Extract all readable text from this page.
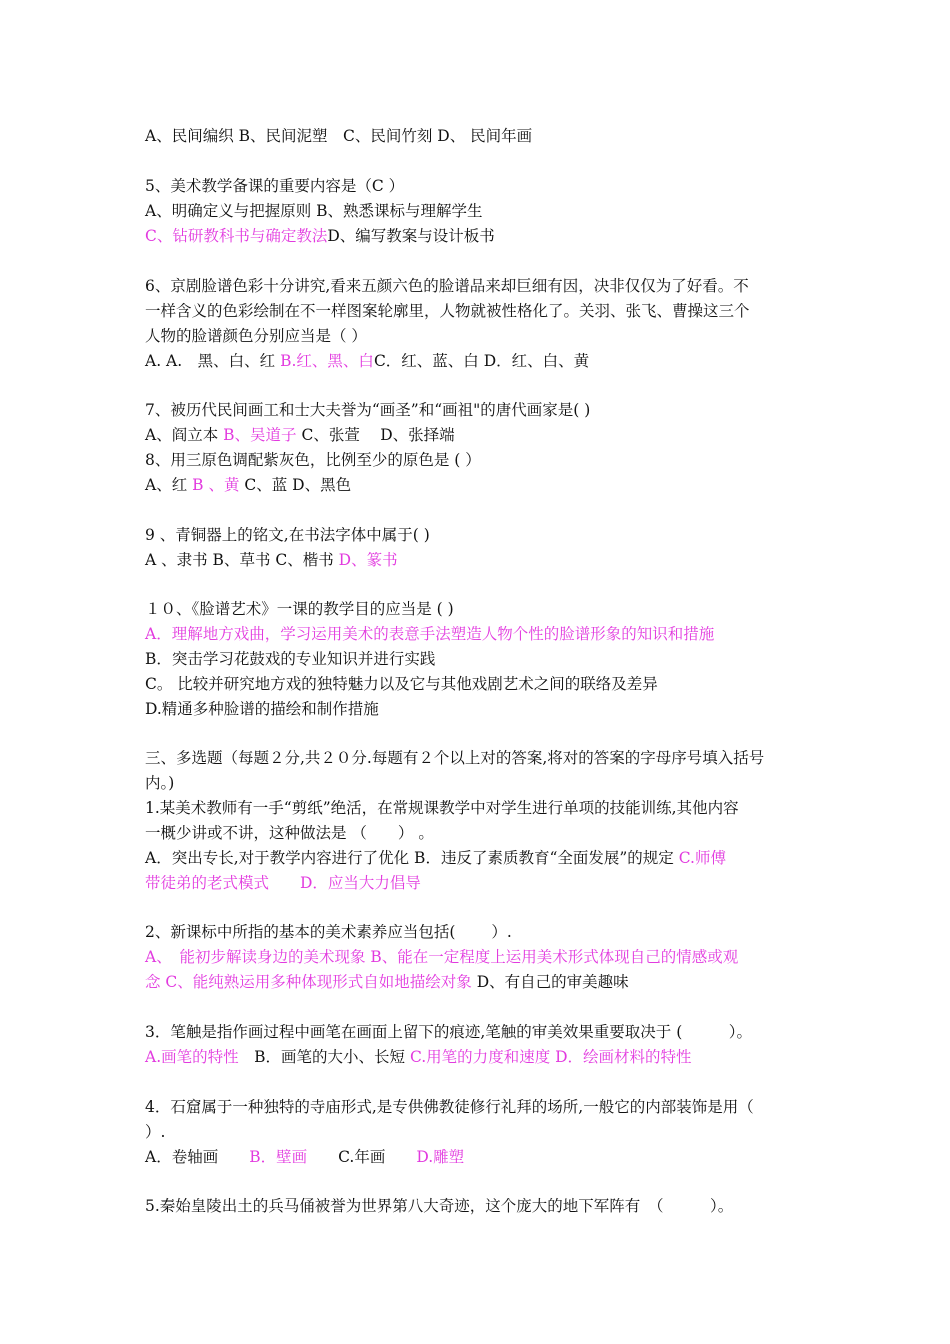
A、民间编织 B、民间泥塑　C、民间竹刻 D、 民间年画
5、美术教学备课的重要内容是（C ）
A、明确定义与把握原则 B、熟悉课标与理解学生
C、钻研教科书与确定教法D、编写教案与设计板书
6、京剧脸谱色彩十分讲究,看来五颜六色的脸谱品来却巨细有因，决非仅仅为了好看。不
一样含义的色彩绘制在不一样图案轮廓里，人物就被性格化了。关羽、张飞、曹操这三个
人物的脸谱颜色分别应当是（ ）
A. A.　黑、白、红 B.红、黑、白C．红、蓝、白 D．红、白、黄
7、被历代民间画工和士大夫誉为“画圣”和“画祖"的唐代画家是( )
A、阎立本 B、吴道子 C、张萱　 D、张择端
8、用三原色调配紫灰色，比例至少的原色是 ( ）
A、红 B 、黄 C、蓝 D、黑色
9 、青铜器上的铭文,在书法字体中属于( )
A 、隶书 B、草书 C、楷书 D、篆书
１０、《脸谱艺术》一课的教学目的应当是 ( )
A．理解地方戏曲，学习运用美术的表意手法塑造人物个性的脸谱形象的知识和措施
B．突击学习花鼓戏的专业知识并进行实践
C。 比较并研究地方戏的独特魅力以及它与其他戏剧艺术之间的联络及差异
D.精通多种脸谱的描绘和制作措施
三、多选题（每题２分,共２０分.每题有２个以上对的答案,将对的答案的字母序号填入括号
内。)
1.某美术教师有一手“剪纸”绝活，在常规课教学中对学生进行单项的技能训练,其他内容
一概少讲或不讲，这种做法是 （　　） 。
A．突出专长,对于教学内容进行了优化 B．违反了素质教育“全面发展”的规定 C.师傅
带徒弟的老式模式　　D．应当大力倡导
2、新课标中所指的基本的美术素养应当包括(　　 ）.
A、　能初步解读身边的美术现象 B、能在一定程度上运用美术形式体现自己的情感或观
念 C、能纯熟运用多种体现形式自如地描绘对象 D、有自己的审美趣味
3．笔触是指作画过程中画笔在画面上留下的痕迹,笔触的审美效果重要取决于 (　　　）。
A.画笔的特性　B．画笔的大小、长短 C.用笔的力度和速度 D．绘画材料的特性
4．石窟属于一种独特的寺庙形式,是专供佛教徒修行礼拜的场所,一般它的内部装饰是用（
）.
A．卷轴画　　B．壁画　　C.年画　　D.雕塑
5.秦始皇陵出土的兵马俑被誉为世界第八大奇迹，这个庞大的地下军阵有　（　　　）。
